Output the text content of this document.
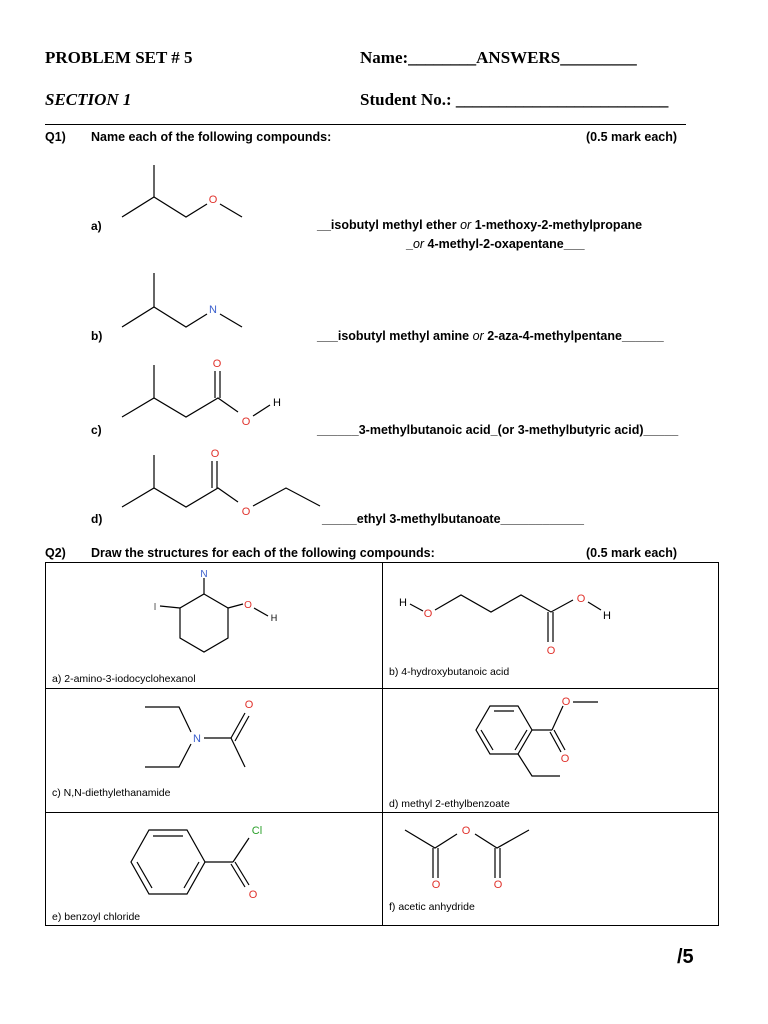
PROBLEM SET # 5	Name:________ANSWERS_________
SECTION 1	Student No.: _________________________
Q1) Name each of the following compounds:	(0.5 mark each)
O
N
O
O
H
O
O
a)	__isobutyl methyl ether or 1-methoxy-2-methylpropane
_or 4-methyl-2-oxapentane___
b)	___isobutyl methyl amine or 2-aza-4-methylpentane______
c)	______3-methylbutanoic acid_(or 3-methylbutyric acid)_____
d)	_____ethyl 3-methylbutanoate____________
Q2) Draw the structures for each of the following compounds:	(0.5 mark each)
N
I	O
H
a) 2-amino-3-iodocyclohexanol
H
O
O
O
H
b) 4-hydroxybutanoic acid
N
O
c) N,N-diethylethanamide
O
O
d) methyl 2-ethylbenzoate
Cl
O
e) benzoyl chloride
O
O
O
f) acetic anhydride
/5
